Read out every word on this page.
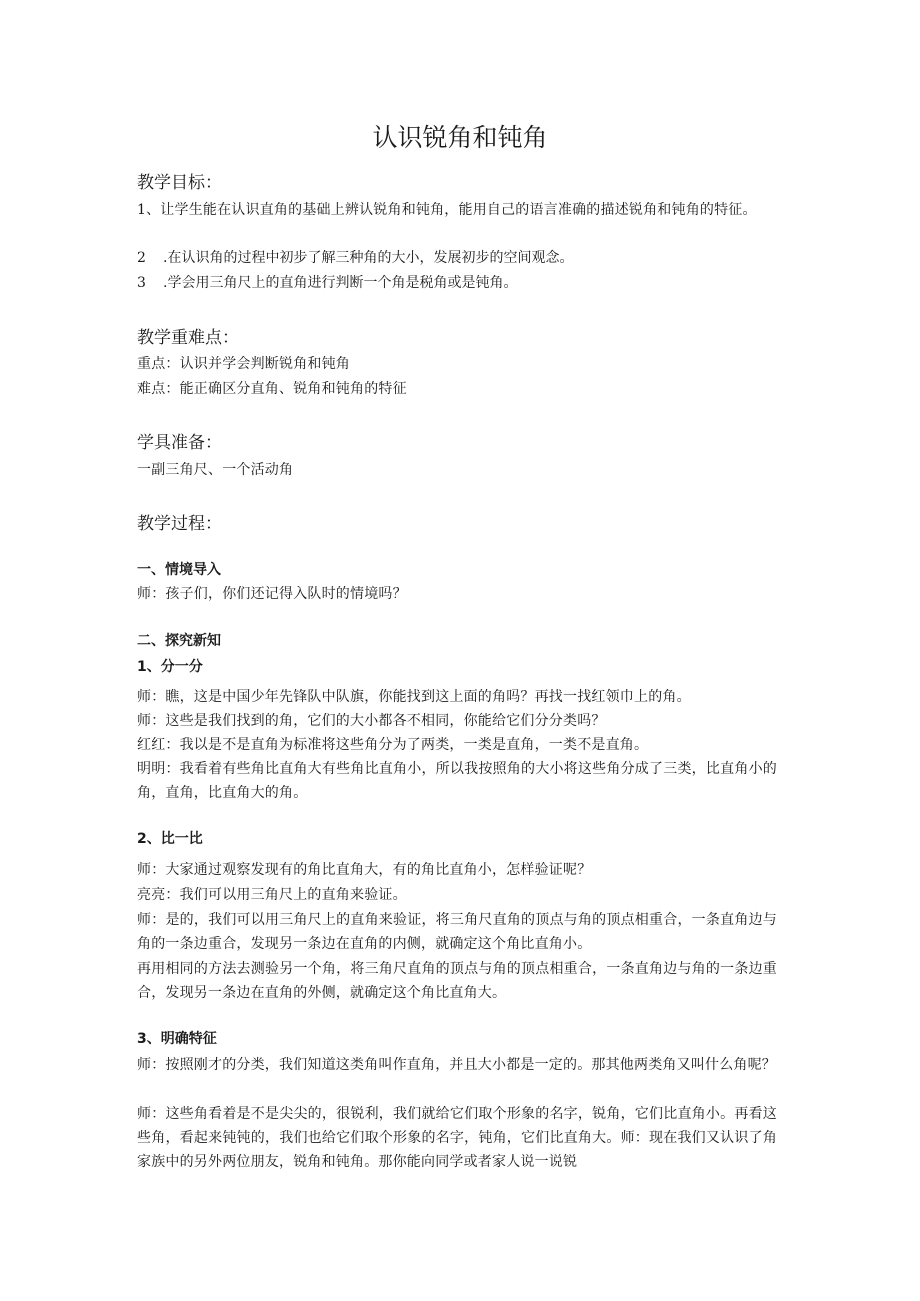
认识锐角和钝角
教学目标：
1、让学生能在认识直角的基础上辨认锐角和钝角，能用自己的语言准确的描述锐角和钝角的特征。
2 .在认识角的过程中初步了解三种角的大小，发展初步的空间观念。
3 .学会用三角尺上的直角进行判断一个角是税角或是钝角。
教学重难点：
重点：认识并学会判断锐角和钝角
难点：能正确区分直角、锐角和钝角的特征
学具准备：
一副三角尺、一个活动角
教学过程：
一、情境导入
师：孩子们，你们还记得入队时的情境吗？
二、探究新知
1、分一分
师：瞧，这是中国少年先锋队中队旗，你能找到这上面的角吗？再找一找红领巾上的角。
师：这些是我们找到的角，它们的大小都各不相同，你能给它们分分类吗？
红红：我以是不是直角为标准将这些角分为了两类，一类是直角，一类不是直角。
明明：我看着有些角比直角大有些角比直角小，所以我按照角的大小将这些角分成了三类，比直角小的角，直角，比直角大的角。
2、比一比
师：大家通过观察发现有的角比直角大，有的角比直角小，怎样验证呢？
亮亮：我们可以用三角尺上的直角来验证。
师：是的，我们可以用三角尺上的直角来验证，将三角尺直角的顶点与角的顶点相重合，一条直角边与角的一条边重合，发现另一条边在直角的内侧，就确定这个角比直角小。
再用相同的方法去测验另一个角，将三角尺直角的顶点与角的顶点相重合，一条直角边与角的一条边重合，发现另一条边在直角的外侧，就确定这个角比直角大。
3、明确特征
师：按照刚才的分类，我们知道这类角叫作直角，并且大小都是一定的。那其他两类角又叫什么角呢？
师：这些角看着是不是尖尖的，很锐利，我们就给它们取个形象的名字，锐角，它们比直角小。再看这些角，看起来钝钝的，我们也给它们取个形象的名字，钝角，它们比直角大。师：现在我们又认识了角家族中的另外两位朋友，锐角和钝角。那你能向同学或者家人说一说锐
